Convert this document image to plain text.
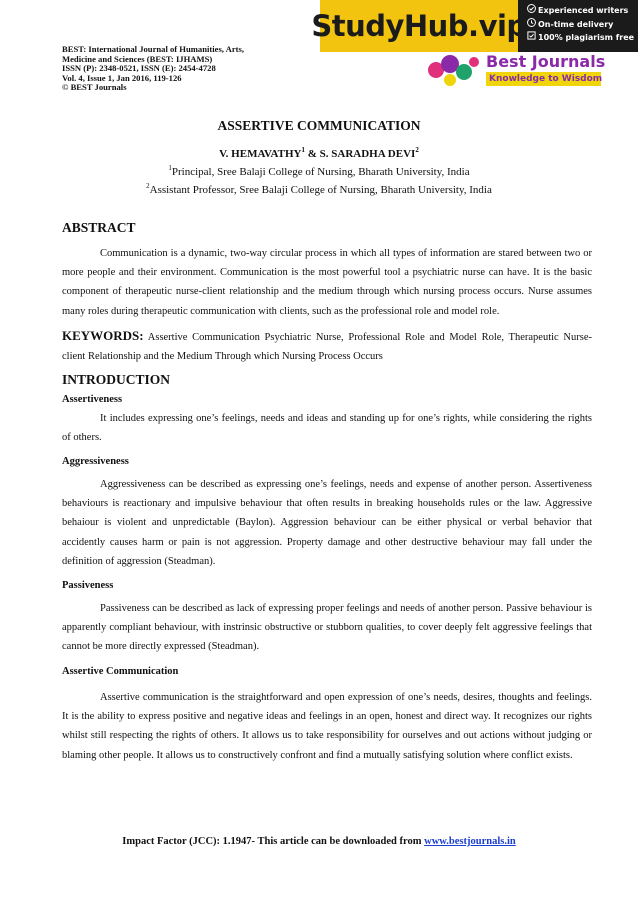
BEST: International Journal of Humanities, Arts,
Medicine and Sciences (BEST: IJHAMS)
ISSN (P): 2348-0521, ISSN (E): 2454-4728
Vol. 4, Issue 1, Jan 2016, 119-126
© BEST Journals
StudyHub.vip	Experienced writers
On-time delivery
100% plagiarism free
Best Journals
Knowledge to Wisdom
ASSERTIVE COMMUNICATION
V. HEMAVATHY$^1$ & S. SARADHA DEVI$^2$
$^1$Principal, Sree Balaji College of Nursing, Bharath University, India
$^2$Assistant Professor, Sree Balaji College of Nursing, Bharath University, India
ABSTRACT
Communication is a dynamic, two-way circular process in which all types of information are stared between two or more people and their environment. Communication is the most powerful tool a psychiatric nurse can have. It is the basic component of therapeutic nurse-client relationship and the medium through which nursing process occurs. Nurse assumes many roles during therapeutic communication with clients, such as the professional role and model role.
KEYWORDS: Assertive Communication Psychiatric Nurse, Professional Role and Model Role, Therapeutic Nurse-client Relationship and the Medium Through which Nursing Process Occurs
INTRODUCTION
Assertiveness
It includes expressing one’s feelings, needs and ideas and standing up for one’s rights, while considering the rights of others.
Aggressiveness
Aggressiveness can be described as expressing one’s feelings, needs and expense of another person. Assertiveness behaviours is reactionary and impulsive behaviour that often results in breaking households rules or the law. Aggressive behaiour is violent and unpredictable (Baylon). Aggression behaviour can be either physical or verbal behavior that accidently causes harm or pain is not aggression. Property damage and other destructive behaviour may fall under the definition of aggression (Steadman).
Passiveness
Passiveness can be described as lack of expressing proper feelings and needs of another person. Passive behaviour is apparently compliant behaviour, with instrinsic obstructive or stubborn qualities, to cover deeply felt aggressive feelings that cannot be more directly expressed (Steadman).
Assertive Communication
Assertive communication is the straightforward and open expression of one’s needs, desires, thoughts and feelings. It is the ability to express positive and negative ideas and feelings in an open, honest and direct way. It recognizes our rights whilst still respecting the rights of others. It allows us to take responsibility for ourselves and out actions without judging or blaming other people. It allows us to constructively confront and find a mutually satisfying solution where conflict exists.
Impact Factor (JCC): 1.1947- This article can be downloaded from www.bestjournals.in
